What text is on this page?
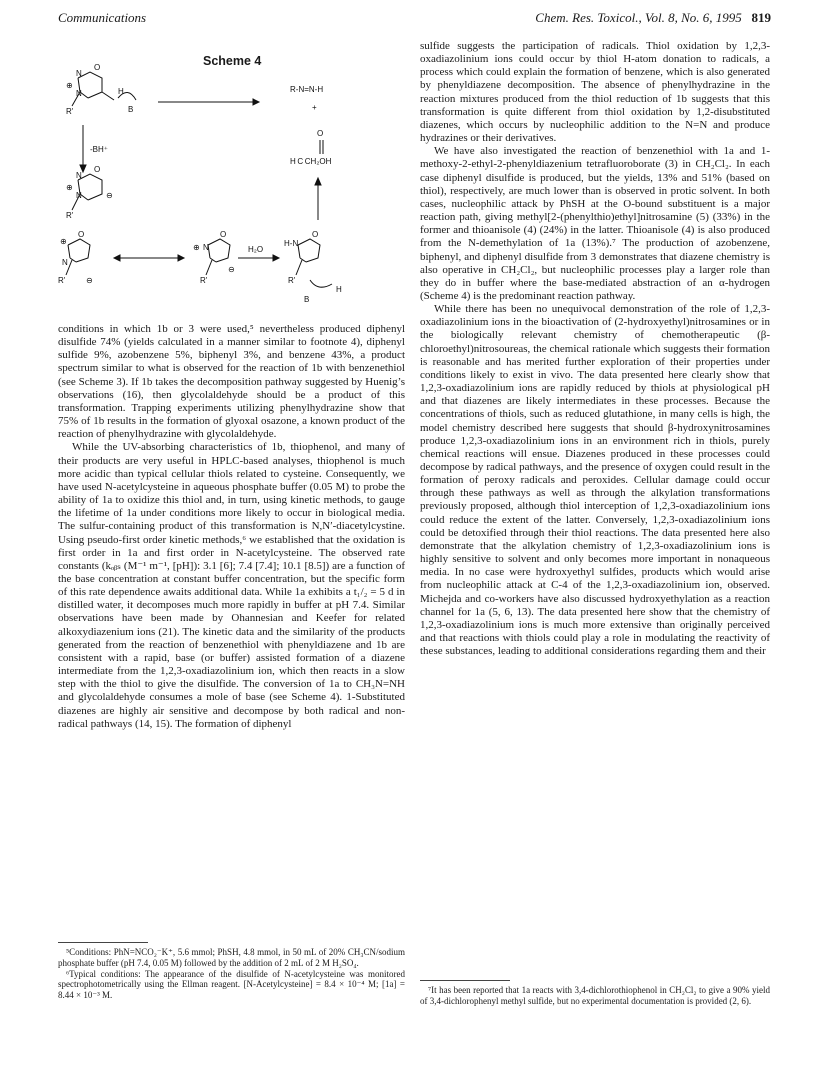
Communications	Chem. Res. Toxicol., Vol. 8, No. 6, 1995 819
Scheme 4
N
O
⊕
N
R'
H
B
R-N=N-H
+
O
H C CH₂OH
-BH⁺
N
O
⊕
N	⊖
R'
⊕
O
N
R'	⊖
⊕ N
O
⊖
R'
H₂O
H-N
O
R'
B
H

conditions in which 1b or 3 were used,⁵ nevertheless produced diphenyl disulfide 74% (yields calculated in a manner similar to footnote 4), diphenyl sulfide 9%, azobenzene 5%, biphenyl 3%, and benzene 43%, a product spectrum similar to what is observed for the reaction of 1b with benzenethiol (see Scheme 3). If 1b takes the decomposition pathway suggested by Huenig’s observations (16), then glycolaldehyde should be a product of this transformation. Trapping experiments utilizing phenylhydrazine show that 75% of 1b results in the formation of glyoxal osazone, a known product of the reaction of phenylhydrazine with glycolaldehyde.

While the UV-absorbing characteristics of 1b, thiophenol, and many of their products are very useful in HPLC-based analyses, thiophenol is much more acidic than typical cellular thiols related to cysteine. Consequently, we have used N-acetylcysteine in aqueous phosphate buffer (0.05 M) to probe the ability of 1a to oxidize this thiol and, in turn, using kinetic methods, to gauge the lifetime of 1a under conditions more likely to occur in biological media. The sulfur-containing product of this transformation is N,N′-diacetylcystine. Using pseudo-first order kinetic methods,⁶ we established that the oxidation is first order in 1a and first order in N-acetylcysteine. The observed rate constants (kₒᵦₛ (M⁻¹ m⁻¹, [pH]): 3.1 [6]; 7.4 [7.4]; 10.1 [8.5]) are a function of the base concentration at constant buffer concentration, but the specific form of this rate dependence awaits additional data. While 1a exhibits a t₁/₂ = 5 d in distilled water, it decomposes much more rapidly in buffer at pH 7.4. Similar observations have been made by Ohannesian and Keefer for related alkoxydiazenium ions (21). The kinetic data and the similarity of the products generated from the reaction of benzenethiol with phenyldiazene and 1b are consistent with a rapid, base (or buffer) assisted formation of a diazene intermediate from the 1,2,3-oxadiazolinium ion, which then reacts in a slow step with the thiol to give the disulfide. The conversion of 1a to CH₃N=NH and glycolaldehyde consumes a mole of base (see Scheme 4). 1-Substituted diazenes are highly air sensitive and decompose by both radical and non-radical pathways (14, 15). The formation of diphenyl

sulfide suggests the participation of radicals. Thiol oxidation by 1,2,3-oxadiazolinium ions could occur by thiol H-atom donation to radicals, a process which could explain the formation of benzene, which is also generated by phenyldiazene decomposition. The absence of phenylhydrazine in the reaction mixtures produced from the thiol reduction of 1b suggests that this transformation is quite different from thiol oxidation by 1,2-disubstituted diazenes, which occurs by nucleophilic addition to the N=N and produce hydrazines or their derivatives.

We have also investigated the reaction of benzenethiol with 1a and 1-methoxy-2-ethyl-2-phenyldiazenium tetrafluoroborate (3) in CH₂Cl₂. In each case diphenyl disulfide is produced, but the yields, 13% and 51% (based on thiol), respectively, are much lower than is observed in protic solvent. In both cases, nucleophilic attack by PhSH at the O-bound substituent is a major reaction path, giving methyl[2-(phenylthio)ethyl]nitrosamine (5) (33%) in the former and thioanisole (4) (24%) in the latter. Thioanisole (4) is also produced from the N-demethylation of 1a (13%).⁷ The production of azobenzene, biphenyl, and diphenyl disulfide from 3 demonstrates that diazene chemistry is also operative in CH₂Cl₂, but nucleophilic processes play a larger role than they do in buffer where the base-mediated abstraction of an α-hydrogen (Scheme 4) is the predominant reaction pathway.

While there has been no unequivocal demonstration of the role of 1,2,3-oxadiazolinium ions in the bioactivation of (2-hydroxyethyl)nitrosamines or in the biologically relevant chemistry of chemotherapeutic (β-chloroethyl)nitrosoureas, the chemical rationale which suggests their formation is reasonable and has merited further exploration of their properties under conditions likely to exist in vivo. The data presented here clearly show that 1,2,3-oxadiazolinium ions are rapidly reduced by thiols at physiological pH and that diazenes are likely intermediates in these processes. Because the concentrations of thiols, such as reduced glutathione, in many cells is high, the model chemistry described here suggests that should β-hydroxynitrosamines produce 1,2,3-oxadiazolinium ions in an environment rich in thiols, purely chemical reactions will ensue. Diazenes produced in these processes could decompose by radical pathways, and the presence of oxygen could result in the formation of peroxy radicals and peroxides. Cellular damage could occur through these pathways as well as through the alkylation transformations previously proposed, although thiol interception of 1,2,3-oxadiazolinium ions could reduce the extent of the latter. Conversely, 1,2,3-oxadiazolinium ions could be detoxified through their thiol reactions. The data presented here also demonstrate that the alkylation chemistry of 1,2,3-oxadiazolinium ions is highly sensitive to solvent and only becomes more important in nonaqueous media. In no case were hydroxyethyl sulfides, products which would arise from nucleophilic attack at C-4 of the 1,2,3-oxadiazolinium ion, observed. Michejda and co-workers have also discussed hydroxyethylation as a reaction channel for 1a (5, 6, 13). The data presented here show that the chemistry of 1,2,3-oxadiazolinium ions is much more extensive than originally perceived and that reactions with thiols could play a role in modulating the reactivity of these substances, leading to additional considerations regarding them and their

⁵Conditions: PhN=NCO₂⁻K⁺, 5.6 mmol; PhSH, 4.8 mmol, in 50 mL of 20% CH₃CN/sodium phosphate buffer (pH 7.4, 0.05 M) followed by the addition of 2 mL of 2 M H₂SO₄.

⁶Typical conditions: The appearance of the disulfide of N-acetylcysteine was monitored spectrophotometrically using the Ellman reagent. [N-Acetylcysteine] = 8.4 × 10⁻⁴ M; [1a] = 8.44 × 10⁻³ M.

⁷It has been reported that 1a reacts with 3,4-dichlorothiophenol in CH₂Cl₂ to give a 90% yield of 3,4-dichlorophenyl methyl sulfide, but no experimental documentation is provided (2, 6).
